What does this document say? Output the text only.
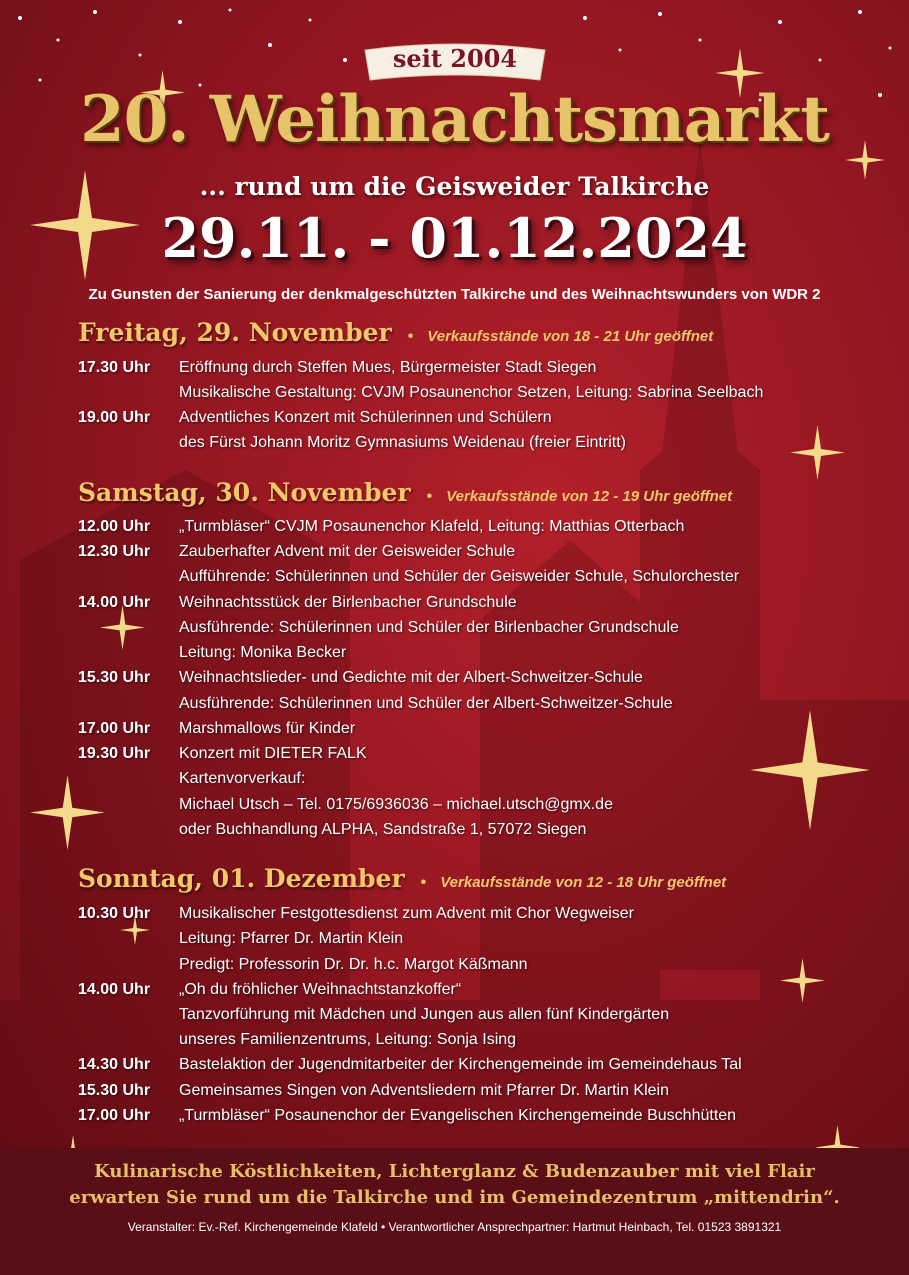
seit 2004
20. Weihnachtsmarkt
... rund um die Geisweider Talkirche
29.11. - 01.12.2024
Zu Gunsten der Sanierung der denkmalgeschützten Talkirche und des Weihnachtswunders von WDR 2
Freitag, 29. November • Verkaufsstände von 18 - 21 Uhr geöffnet
17.30 Uhr Eröffnung durch Steffen Mues, Bürgermeister Stadt Siegen
Musikalische Gestaltung: CVJM Posaunenchor Setzen, Leitung: Sabrina Seelbach
19.00 Uhr Adventliches Konzert mit Schülerinnen und Schülern
des Fürst Johann Moritz Gymnasiums Weidenau (freier Eintritt)
Samstag, 30. November • Verkaufsstände von 12 - 19 Uhr geöffnet
12.00 Uhr „Turmbläser“ CVJM Posaunenchor Klafeld, Leitung: Matthias Otterbach
12.30 Uhr Zauberhafter Advent mit der Geisweider Schule
Aufführende: Schülerinnen und Schüler der Geisweider Schule, Schulorchester
14.00 Uhr Weihnachtsstück der Birlenbacher Grundschule
Ausführende: Schülerinnen und Schüler der Birlenbacher Grundschule
Leitung: Monika Becker
15.30 Uhr Weihnachtslieder- und Gedichte mit der Albert-Schweitzer-Schule
Ausführende: Schülerinnen und Schüler der Albert-Schweitzer-Schule
17.00 Uhr Marshmallows für Kinder
19.30 Uhr Konzert mit DIETER FALK
Kartenvorverkauf:
Michael Utsch – Tel. 0175/6936036 – michael.utsch@gmx.de
oder Buchhandlung ALPHA, Sandstraße 1, 57072 Siegen
Sonntag, 01. Dezember • Verkaufsstände von 12 - 18 Uhr geöffnet
10.30 Uhr Musikalischer Festgottesdienst zum Advent mit Chor Wegweiser
Leitung: Pfarrer Dr. Martin Klein
Predigt: Professorin Dr. Dr. h.c. Margot Käßmann
14.00 Uhr „Oh du fröhlicher Weihnachtstanzkoffer“
Tanzvorführung mit Mädchen und Jungen aus allen fünf Kindergärten
unseres Familienzentrums, Leitung: Sonja Ising
14.30 Uhr Bastelaktion der Jugendmitarbeiter der Kirchengemeinde im Gemeindehaus Tal
15.30 Uhr Gemeinsames Singen von Adventsliedern mit Pfarrer Dr. Martin Klein
17.00 Uhr „Turmbläser“ Posaunenchor der Evangelischen Kirchengemeinde Buschhütten
Kulinarische Köstlichkeiten, Lichterglanz & Budenzauber mit viel Flair
erwarten Sie rund um die Talkirche und im Gemeindezentrum „mittendrin“.
Veranstalter: Ev.-Ref. Kirchengemeinde Klafeld • Verantwortlicher Ansprechpartner: Hartmut Heinbach, Tel. 01523 3891321
